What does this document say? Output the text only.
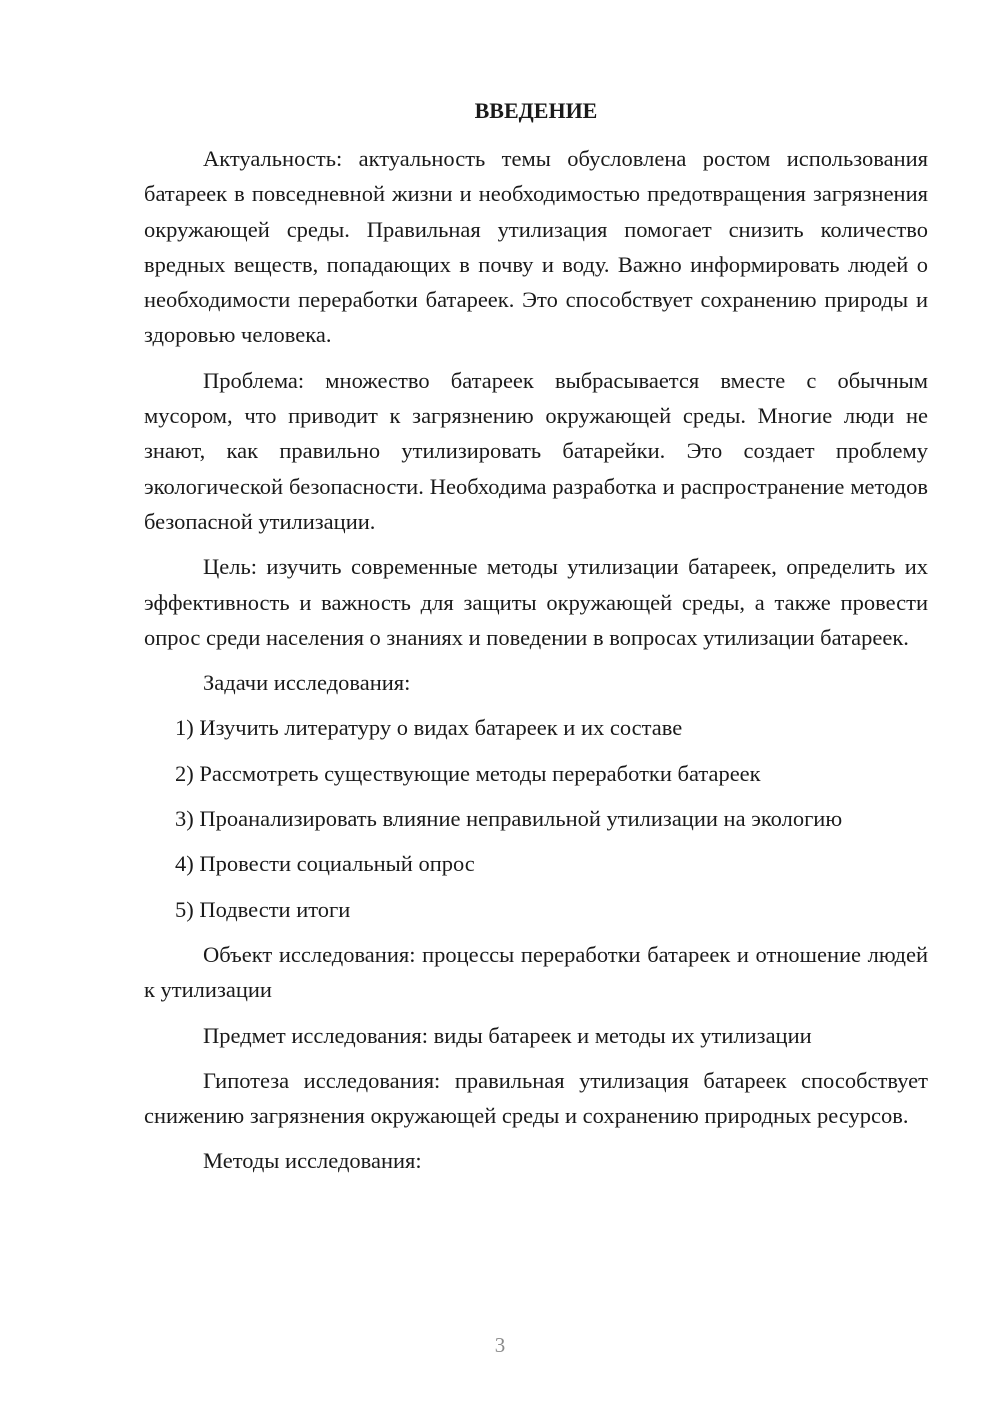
ВВЕДЕНИЕ

Актуальность: актуальность темы обусловлена ростом использования батареек в повседневной жизни и необходимостью предотвращения загрязнения окружающей среды. Правильная утилизация помогает снизить количество вредных веществ, попадающих в почву и воду. Важно информировать людей о необходимости переработки батареек. Это способствует сохранению природы и здоровью человека.

Проблема: множество батареек выбрасывается вместе с обычным мусором, что приводит к загрязнению окружающей среды. Многие люди не знают, как правильно утилизировать батарейки. Это создает проблему экологической безопасности. Необходима разработка и распространение методов безопасной утилизации.

Цель: изучить современные методы утилизации батареек, определить их эффективность и важность для защиты окружающей среды, а также провести опрос среди населения о знаниях и поведении в вопросах утилизации батареек.

Задачи исследования:

1) Изучить литературу о видах батареек и их составе
2) Рассмотреть существующие методы переработки батареек
3) Проанализировать влияние неправильной утилизации на экологию
4) Провести социальный опрос
5) Подвести итоги

Объект исследования: процессы переработки батареек и отношение людей к утилизации

Предмет исследования: виды батареек и методы их утилизации

Гипотеза исследования: правильная утилизация батареек способствует снижению загрязнения окружающей среды и сохранению природных ресурсов.

Методы исследования:

3
